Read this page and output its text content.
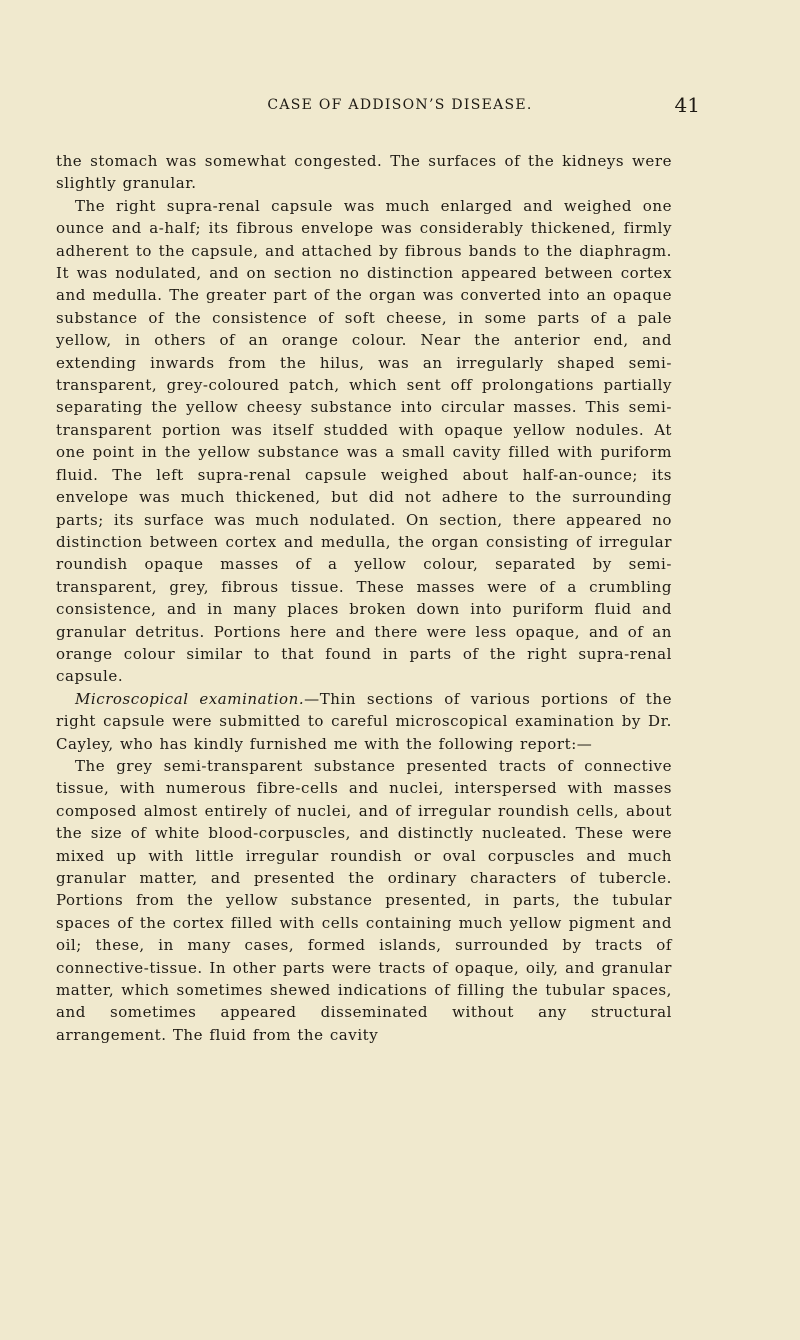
CASE OF ADDISON’S DISEASE.	41

the stomach was somewhat congested. The surfaces of the kidneys were slightly granular.

The right supra-renal capsule was much enlarged and weighed one ounce and a-half; its fibrous envelope was considerably thickened, firmly adherent to the capsule, and attached by fibrous bands to the diaphragm. It was nodulated, and on section no distinction appeared between cortex and medulla. The greater part of the organ was converted into an opaque substance of the consistence of soft cheese, in some parts of a pale yellow, in others of an orange colour. Near the anterior end, and extending inwards from the hilus, was an irregularly shaped semi-transparent, grey-coloured patch, which sent off prolongations partially separating the yellow cheesy substance into circular masses. This semi-transparent portion was itself studded with opaque yellow nodules. At one point in the yellow substance was a small cavity filled with puriform fluid. The left supra-renal capsule weighed about half-an-ounce; its envelope was much thickened, but did not adhere to the surrounding parts; its surface was much nodulated. On section, there appeared no distinction between cortex and medulla, the organ consisting of irregular roundish opaque masses of a yellow colour, separated by semi-transparent, grey, fibrous tissue. These masses were of a crumbling consistence, and in many places broken down into puriform fluid and granular detritus. Portions here and there were less opaque, and of an orange colour similar to that found in parts of the right supra-renal capsule.

Microscopical examination.—Thin sections of various portions of the right capsule were submitted to careful microscopical examination by Dr. Cayley, who has kindly furnished me with the following report:—

The grey semi-transparent substance presented tracts of connective tissue, with numerous fibre-cells and nuclei, interspersed with masses composed almost entirely of nuclei, and of irregular roundish cells, about the size of white blood-corpuscles, and distinctly nucleated. These were mixed up with little irregular roundish or oval corpuscles and much granular matter, and presented the ordinary characters of tubercle. Portions from the yellow substance presented, in parts, the tubular spaces of the cortex filled with cells containing much yellow pigment and oil; these, in many cases, formed islands, surrounded by tracts of connective-tissue. In other parts were tracts of opaque, oily, and granular matter, which sometimes shewed indications of filling the tubular spaces, and sometimes appeared disseminated without any structural arrangement. The fluid from the cavity
